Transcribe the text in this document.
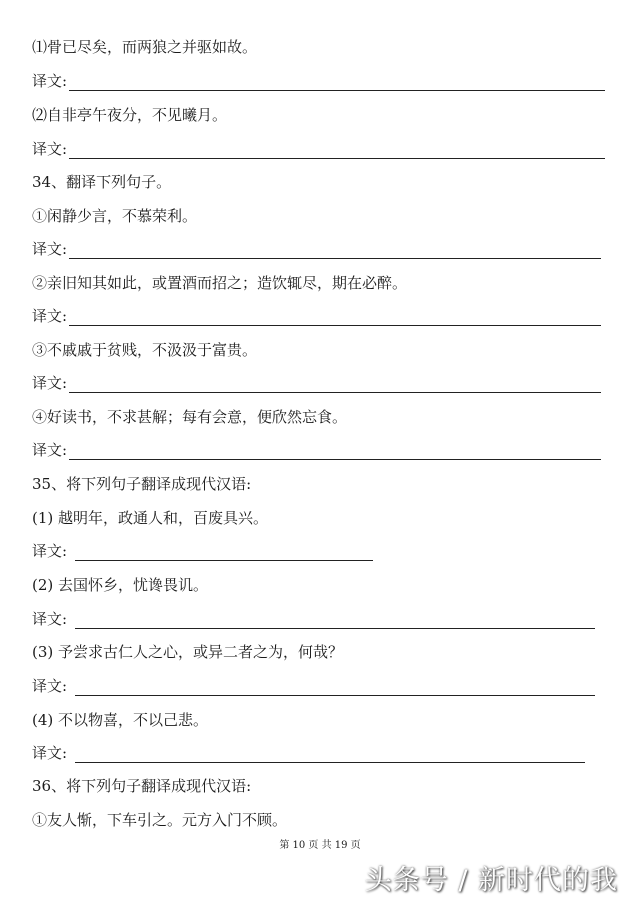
⑴骨已尽矣，而两狼之并驱如故。
译文:
⑵自非亭午夜分，不见曦月。
译文:
34、翻译下列句子。
①闲静少言，不慕荣利。
译文:
②亲旧知其如此，或置酒而招之；造饮辄尽，期在必醉。
译文:
③不戚戚于贫贱，不汲汲于富贵。
译文:
④好读书，不求甚解；每有会意，便欣然忘食。
译文:
35、将下列句子翻译成现代汉语:
(1) 越明年，政通人和，百废具兴。
译文:
(2) 去国怀乡，忧谗畏讥。
译文:
(3) 予尝求古仁人之心，或异二者之为，何哉？
译文:
(4) 不以物喜，不以己悲。
译文:
36、将下列句子翻译成现代汉语:
①友人惭，下车引之。元方入门不顾。
第 10 页 共 19 页
头条号 / 新时代的我
